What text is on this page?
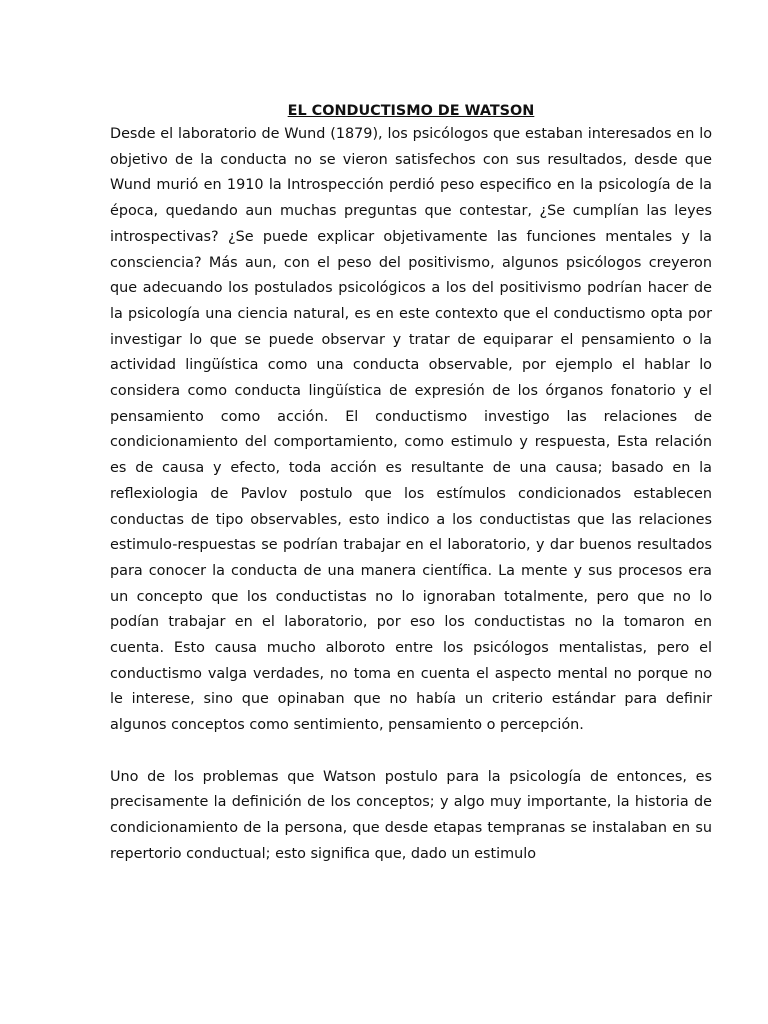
EL CONDUCTISMO DE WATSON

Desde el laboratorio de Wund (1879), los psicólogos que estaban interesados en lo objetivo de la conducta no se vieron satisfechos con sus resultados, desde que Wund murió en 1910 la Introspección perdió peso especifico en la psicología de la época, quedando aun muchas preguntas que contestar, ¿Se cumplían las leyes introspectivas? ¿Se puede explicar objetivamente las funciones mentales y la consciencia? Más aun, con el peso del positivismo, algunos psicólogos creyeron que adecuando los postulados psicológicos a los del positivismo podrían hacer de la psicología una ciencia natural, es en este contexto que el conductismo opta por investigar lo que se puede observar y tratar de equiparar el pensamiento o la actividad lingüística como una conducta observable, por ejemplo el hablar lo considera como conducta lingüística de expresión de los órganos fonatorio y el pensamiento como acción. El conductismo investigo las relaciones de condicionamiento del comportamiento, como estimulo y respuesta, Esta relación es de causa y efecto, toda acción es resultante de una causa; basado en la reflexiologia de Pavlov postulo que los estímulos condicionados establecen conductas de tipo observables, esto indico a los conductistas que las relaciones estimulo-respuestas se podrían trabajar en el laboratorio, y dar buenos resultados para conocer la conducta de una manera científica. La mente y sus procesos era un concepto que los conductistas no lo ignoraban totalmente, pero que no lo podían trabajar en el laboratorio, por eso los conductistas no la tomaron en cuenta. Esto causa mucho alboroto entre los psicólogos mentalistas, pero el conductismo valga verdades, no toma en cuenta el aspecto mental no porque no le interese, sino que opinaban que no había un criterio estándar para definir algunos conceptos como sentimiento, pensamiento o percepción.

Uno de los problemas que Watson postulo para la psicología de entonces, es precisamente la definición de los conceptos; y algo muy importante, la historia de condicionamiento de la persona, que desde etapas tempranas se instalaban en su repertorio conductual; esto significa que, dado un estimulo
